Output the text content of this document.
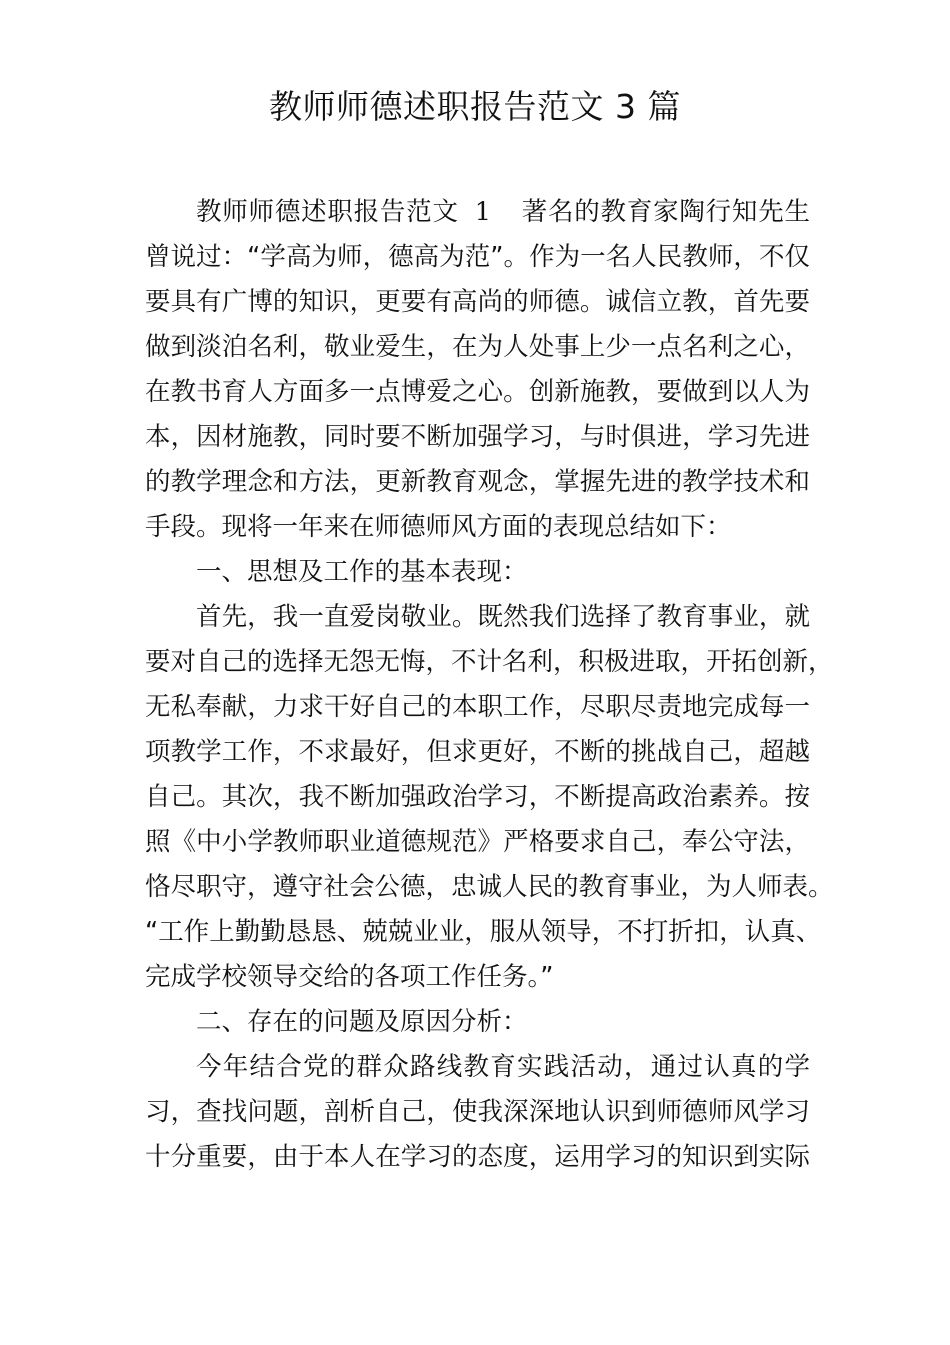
教师师德述职报告范文 3 篇
教师师德述职报告范文 1 著名的教育家陶行知先生
曾说过：“学高为师，德高为范”。作为一名人民教师，不仅
要具有广博的知识，更要有高尚的师德。诚信立教，首先要
做到淡泊名利，敬业爱生，在为人处事上少一点名利之心，
在教书育人方面多一点博爱之心。创新施教，要做到以人为
本，因材施教，同时要不断加强学习，与时俱进，学习先进
的教学理念和方法，更新教育观念，掌握先进的教学技术和
手段。现将一年来在师德师风方面的表现总结如下：
一、思想及工作的基本表现：
首先，我一直爱岗敬业。既然我们选择了教育事业，就
要对自己的选择无怨无悔，不计名利，积极进取，开拓创新，
无私奉献，力求干好自己的本职工作，尽职尽责地完成每一
项教学工作，不求最好，但求更好，不断的挑战自己，超越
自己。其次，我不断加强政治学习，不断提高政治素养。按
照《中小学教师职业道德规范》严格要求自己，奉公守法，
恪尽职守，遵守社会公德，忠诚人民的教育事业，为人师表。
“工作上勤勤恳恳、兢兢业业，服从领导，不打折扣，认真、
完成学校领导交给的各项工作任务。”
二、存在的问题及原因分析：
今年结合党的群众路线教育实践活动，通过认真的学
习，查找问题，剖析自己，使我深深地认识到师德师风学习
十分重要，由于本人在学习的态度，运用学习的知识到实际
